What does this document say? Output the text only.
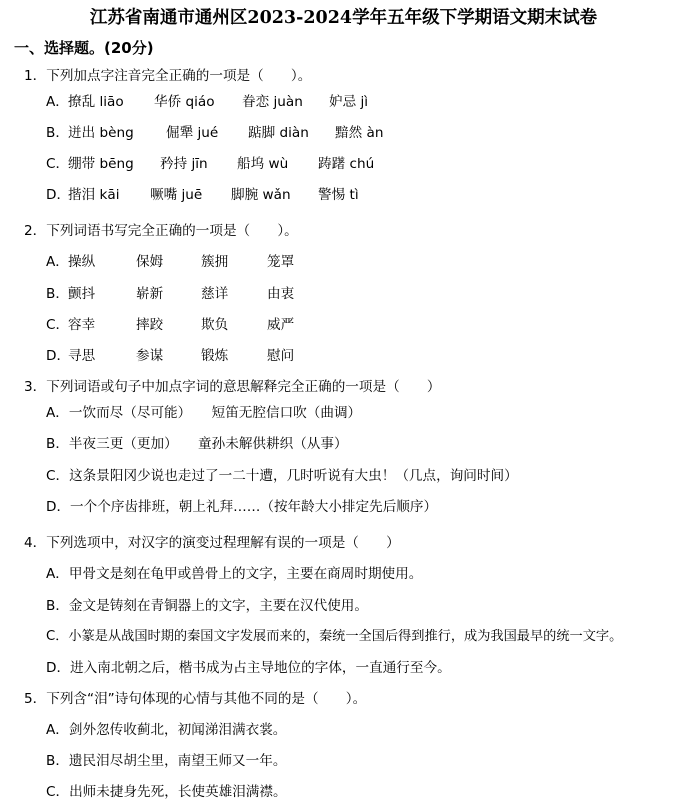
江苏省南通市通州区2023-2024学年五年级下学期语文期末试卷
一、选择题。(20分)
1．下列加点字注音完全正确的一项是（　　）。
A． 撩乱 liāo 华侨 qiáo 眷恋 juàn 妒忌 jì
B． 迸出 bèng 倔犟 jué 踮脚 diàn 黯然 àn
C．
绷带 bēng 矜持 jīn 船坞 wù 踌躇 chú
D．
揩泪 kāi 噘嘴 juē 脚腕 wǎn 警惕 tì
2．下列词语书写完全正确的一项是（　　）。
A． 操纵	保姆	簇拥	笼罩
B． 颤抖	崭新	慈详	由衷
C．
容幸	摔跤	欺负	威严
D．
寻思	参谋	锻炼	慰问
3．下列词语或句子中加点字词的意思解释完全正确的一项是（　　）
A．一饮而尽（尽可能）　　短笛无腔信口吹（曲调）
B．半夜三更（更加）　　童孙未解供耕织（从事）
C．这条景阳冈少说也走过了一二十遭，几时听说有大虫！（几点，询问时间）
D．一个个序齿排班，朝上礼拜……（按年龄大小排定先后顺序）
4．下列选项中，对汉字的演变过程理解有误的一项是（　　）
A．甲骨文是刻在龟甲或兽骨上的文字，主要在商周时期使用。
B．金文是铸刻在青铜器上的文字，主要在汉代使用。
C．小篆是从战国时期的秦国文字发展而来的，秦统一全国后得到推行，成为我国最早的统一文字。
D．进入南北朝之后，楷书成为占主导地位的字体，一直通行至今。
5．下列含“泪”诗句体现的心情与其他不同的是（　　）。
A．剑外忽传收蓟北，初闻涕泪满衣裳。
B．遗民泪尽胡尘里，南望王师又一年。
C．出师未捷身先死，长使英雄泪满襟。
